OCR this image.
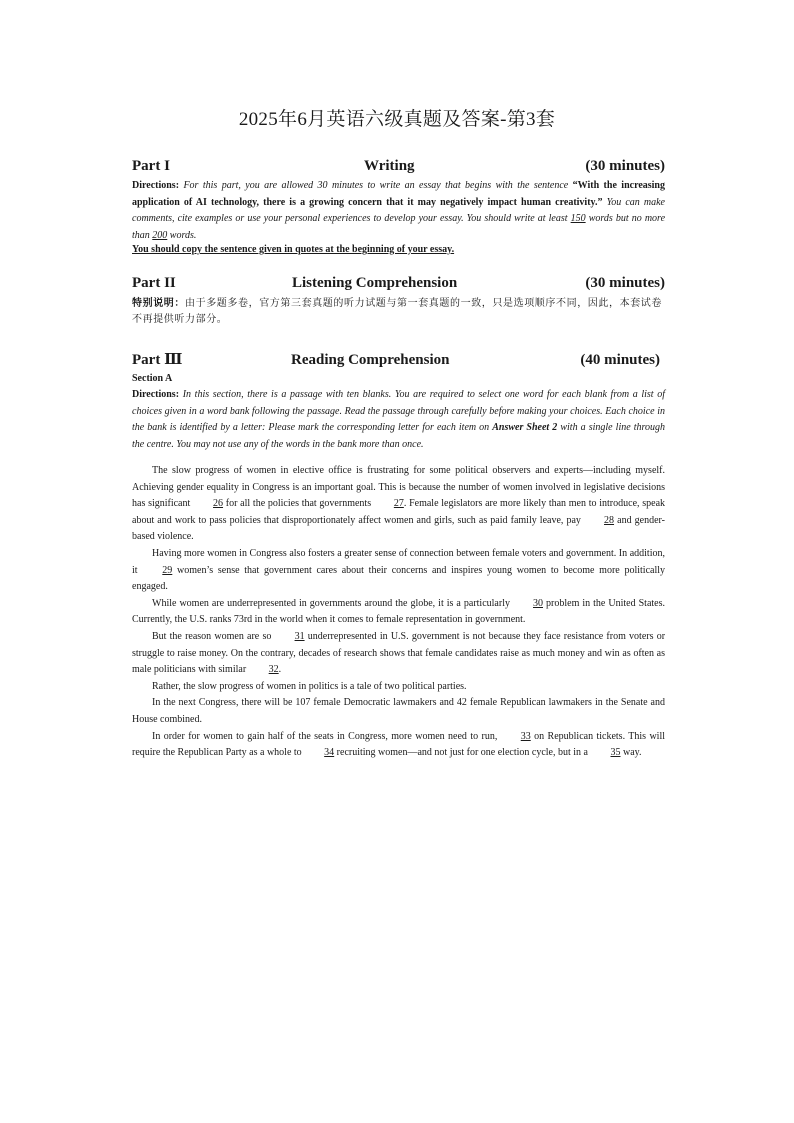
2025年6月英语六级真题及答案-第3套
Part I	Writing	(30 minutes)
Directions: For this part, you are allowed 30 minutes to write an essay that begins with the sentence “With the increasing application of AI technology, there is a growing concern that it may negatively impact human creativity.” You can make comments, cite examples or use your personal experiences to develop your essay. You should write at least 150 words but no more than 200 words.
You should copy the sentence given in quotes at the beginning of your essay.
Part II	Listening Comprehension	(30 minutes)
特别说明：由于多题多卷，官方第三套真题的听力试题与第一套真题的一致，只是选项顺序不同，因此，本套试卷不再提供听力部分。
Part Ⅲ	Reading Comprehension	(40 minutes)
Section A
Directions: In this section, there is a passage with ten blanks. You are required to select one word for each blank from a list of choices given in a word bank following the passage. Read the passage through carefully before making your choices. Each choice in the bank is identified by a letter: Please mark the corresponding letter for each item on Answer Sheet 2 with a single line through the centre. You may not use any of the words in the bank more than once.

The slow progress of women in elective office is frustrating for some political observers and experts—including myself. Achieving gender equality in Congress is an important goal. This is because the number of women involved in legislative decisions has significant 26 for all the policies that governments 27. Female legislators are more likely than men to introduce, speak about and work to pass policies that disproportionately affect women and girls, such as paid family leave, pay 28 and gender-based violence.

Having more women in Congress also fosters a greater sense of connection between female voters and government. In addition, it 29 women’s sense that government cares about their concerns and inspires young women to become more politically engaged.

While women are underrepresented in governments around the globe, it is a particularly 30 problem in the United States. Currently, the U.S. ranks 73rd in the world when it comes to female representation in government.

But the reason women are so 31 underrepresented in U.S. government is not because they face resistance from voters or struggle to raise money. On the contrary, decades of research shows that female candidates raise as much money and win as often as male politicians with similar 32.

Rather, the slow progress of women in politics is a tale of two political parties.

In the next Congress, there will be 107 female Democratic lawmakers and 42 female Republican lawmakers in the Senate and House combined.

In order for women to gain half of the seats in Congress, more women need to run, 33 on Republican tickets. This will require the Republican Party as a whole to 34 recruiting women—and not just for one election cycle, but in a 35 way.
